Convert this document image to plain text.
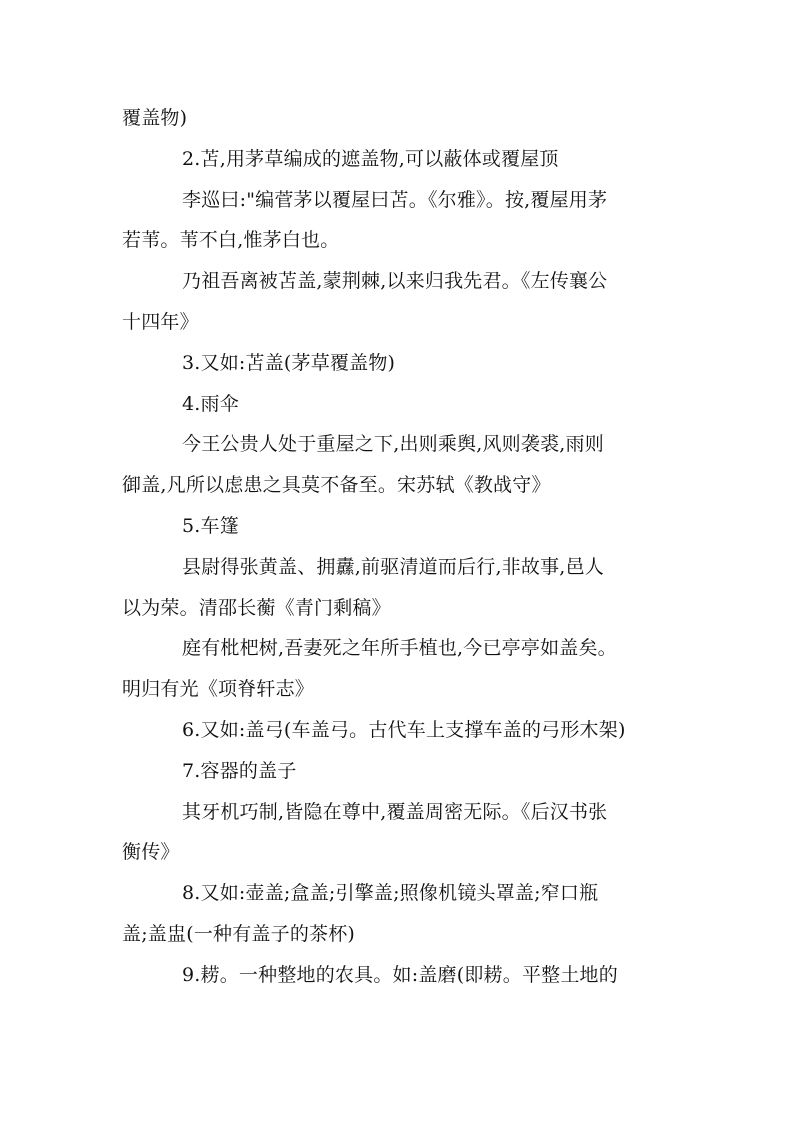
覆盖物)
2.苫,用茅草编成的遮盖物,可以蔽体或覆屋顶
李巡曰:"编菅茅以覆屋曰苫。《尔雅》。按,覆屋用茅
若苇。苇不白,惟茅白也。
乃祖吾离被苫盖,蒙荆棘,以来归我先君。《左传襄公
十四年》
3.又如:苫盖(茅草覆盖物)
4.雨伞
今王公贵人处于重屋之下,出则乘舆,风则袭裘,雨则
御盖,凡所以虑患之具莫不备至。宋苏轼《教战守》
5.车篷
县尉得张黄盖、拥纛,前驱清道而后行,非故事,邑人
以为荣。清邵长蘅《青门剩稿》
庭有枇杷树,吾妻死之年所手植也,今已亭亭如盖矣。
明归有光《项脊轩志》
6.又如:盖弓(车盖弓。古代车上支撑车盖的弓形木架)
7.容器的盖子
其牙机巧制,皆隐在尊中,覆盖周密无际。《后汉书张
衡传》
8.又如:壶盖;盒盖;引擎盖;照像机镜头罩盖;窄口瓶
盖;盖盅(一种有盖子的茶杯)
9.耢。一种整地的农具。如:盖磨(即耢。平整土地的
